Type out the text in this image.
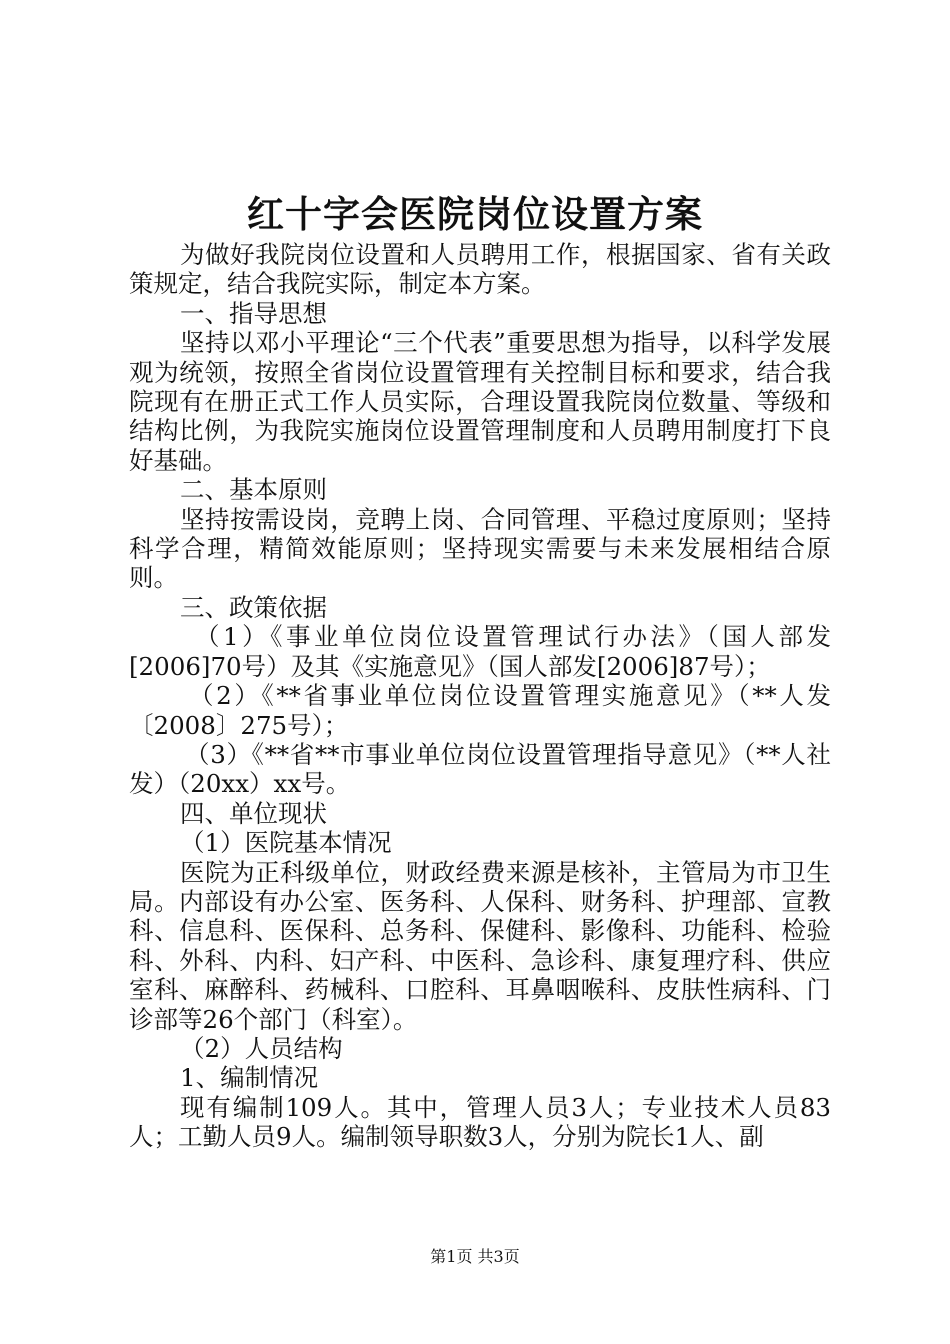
红十字会医院岗位设置方案

为做好我院岗位设置和人员聘用工作，根据国家、省有关政策规定，结合我院实际，制定本方案。

一、指导思想

坚持以邓小平理论“三个代表”重要思想为指导，以科学发展观为统领，按照全省岗位设置管理有关控制目标和要求，结合我院现有在册正式工作人员实际，合理设置我院岗位数量、等级和结构比例，为我院实施岗位设置管理制度和人员聘用制度打下良好基础。

二、基本原则

坚持按需设岗，竞聘上岗、合同管理、平稳过度原则；坚持科学合理，精简效能原则；坚持现实需要与未来发展相结合原则。

三、政策依据

（1）《事业单位岗位设置管理试行办法》（国人部发[2006]70号）及其《实施意见》（国人部发[2006]87号）；

（2）《**省事业单位岗位设置管理实施意见》（**人发〔2008〕275号）；

（3）《**省**市事业单位岗位设置管理指导意见》（**人社发）（20xx）xx号。

四、单位现状

（1）医院基本情况

医院为正科级单位，财政经费来源是核补，主管局为市卫生局。内部设有办公室、医务科、人保科、财务科、护理部、宣教科、信息科、医保科、总务科、保健科、影像科、功能科、检验科、外科、内科、妇产科、中医科、急诊科、康复理疗科、供应室科、麻醉科、药械科、口腔科、耳鼻咽喉科、皮肤性病科、门诊部等26个部门（科室）。

（2）人员结构

1、编制情况

现有编制109人。其中，管理人员3人；专业技术人员83人；工勤人员9人。编制领导职数3人，分别为院长1人、副

第1页 共3页
